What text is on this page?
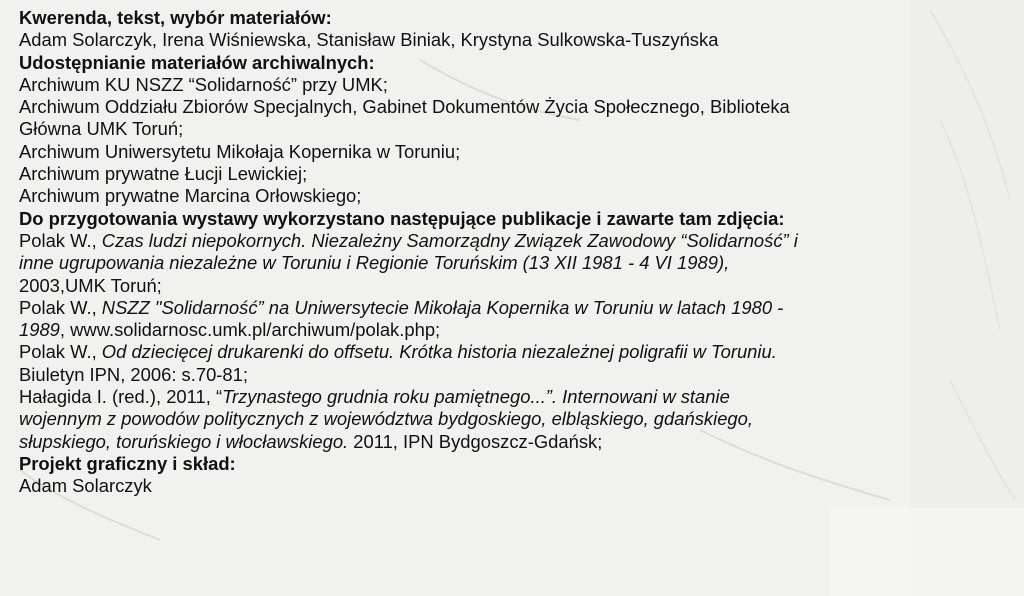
Kwerenda, tekst, wybór materiałów:
Adam Solarczyk, Irena Wiśniewska, Stanisław Biniak, Krystyna Sulkowska-Tuszyńska

Udostępnianie materiałów archiwalnych:
Archiwum KU NSZZ “Solidarność” przy UMK;
Archiwum Oddziału Zbiorów Specjalnych, Gabinet Dokumentów Życia Społecznego, Biblioteka
Główna UMK Toruń;
Archiwum Uniwersytetu Mikołaja Kopernika w Toruniu;
Archiwum prywatne Łucji Lewickiej;
Archiwum prywatne Marcina Orłowskiego;

Do przygotowania wystawy wykorzystano następujące publikacje i zawarte tam zdjęcia:
Polak W., Czas ludzi niepokornych. Niezależny Samorządny Związek Zawodowy “Solidarność” i
inne ugrupowania niezależne w Toruniu i Regionie Toruńskim (13 XII 1981 - 4 VI 1989),
2003,UMK Toruń;
Polak W., NSZZ "Solidarność” na Uniwersytecie Mikołaja Kopernika w Toruniu w latach 1980 -
1989, www.solidarnosc.umk.pl/archiwum/polak.php;
Polak W., Od dziecięcej drukarenki do offsetu. Krótka historia niezależnej poligrafii w Toruniu.
Biuletyn IPN, 2006: s.70-81;
Hałagida I. (red.), 2011, “Trzynastego grudnia roku pamiętnego...”. Internowani w stanie
wojennym z powodów politycznych z województwa bydgoskiego, elbląskiego, gdańskiego,
słupskiego, toruńskiego i włocławskiego. 2011, IPN Bydgoszcz-Gdańsk;

Projekt graficzny i skład:
Adam Solarczyk
